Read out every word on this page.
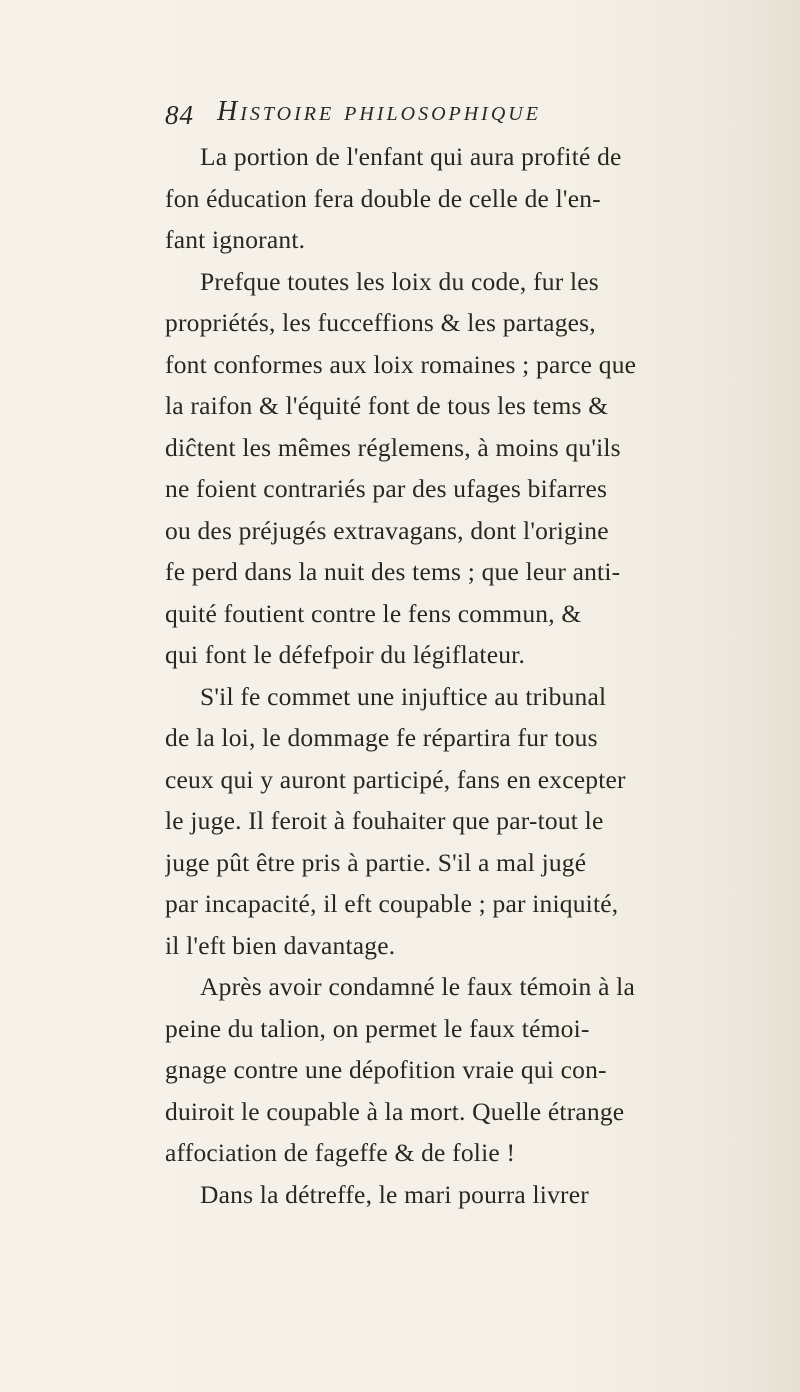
84 Histoire philosophique
La portion de l'enfant qui aura profité de
fon éducation fera double de celle de l'en-
fant ignorant.
Prefque toutes les loix du code, fur les
propriétés, les fucceffions & les partages,
font conformes aux loix romaines ; parce que
la raifon & l'équité font de tous les tems &
diĉtent les mêmes réglemens, à moins qu'ils
ne foient contrariés par des ufages bifarres
ou des préjugés extravagans, dont l'origine
fe perd dans la nuit des tems ; que leur anti-
quité foutient contre le fens commun, &
qui font le défefpoir du légiflateur.
S'il fe commet une injuftice au tribunal
de la loi, le dommage fe répartira fur tous
ceux qui y auront participé, fans en excepter
le juge. Il feroit à fouhaiter que par-tout le
juge pût être pris à partie. S'il a mal jugé
par incapacité, il eft coupable ; par iniquité,
il l'eft bien davantage.
Après avoir condamné le faux témoin à la
peine du talion, on permet le faux témoi-
gnage contre une dépofition vraie qui con-
duiroit le coupable à la mort. Quelle étrange
affociation de fageffe & de folie !
Dans la détreffe, le mari pourra livrer
